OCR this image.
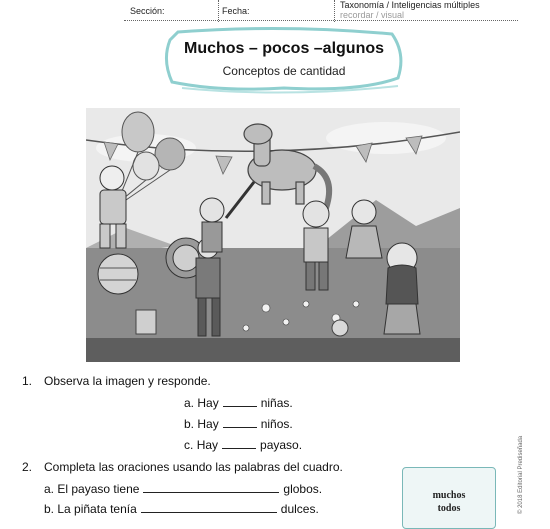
Sección:	Fecha:
Taxonomía / Inteligencias múltiples
recordar / visual
Muchos – pocos –algunos
Conceptos de cantidad
1. Observa la imagen y responde.
a. Hay	niñas.
b. Hay	niños.
c. Hay	payaso.
2. Completa las oraciones usando las palabras del cuadro.
a. El payaso tiene	globos.
b. La piñata tenía	dulces.
muchos
todos	© 2018 Editorial Prediseñada
